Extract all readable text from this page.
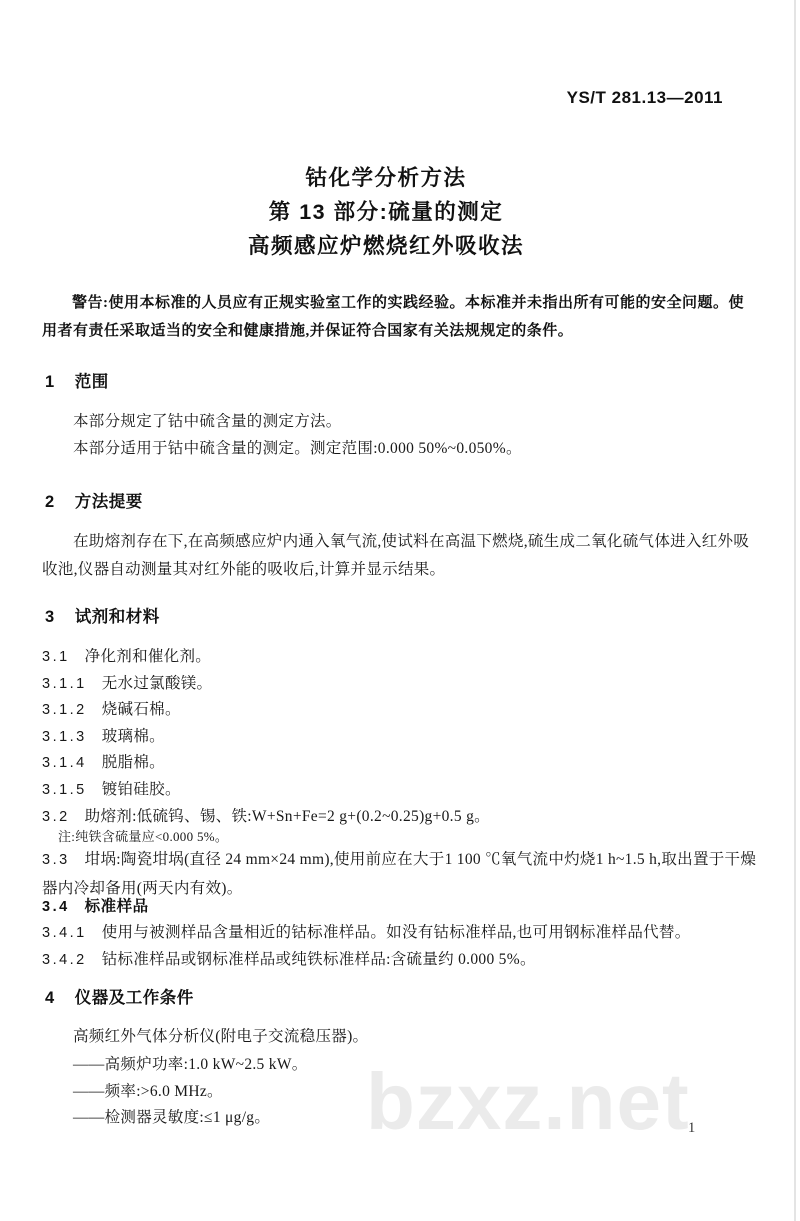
bzxz.net
YS/T 281.13—2011
钴化学分析方法
第 13 部分:硫量的测定
高频感应炉燃烧红外吸收法
警告:使用本标准的人员应有正规实验室工作的实践经验。本标准并未指出所有可能的安全问题。使用者有责任采取适当的安全和健康措施,并保证符合国家有关法规规定的条件。
1 范围
本部分规定了钴中硫含量的测定方法。
本部分适用于钴中硫含量的测定。测定范围:0.000 50%~0.050%。
2 方法提要
在助熔剂存在下,在高频感应炉内通入氧气流,使试料在高温下燃烧,硫生成二氧化硫气体进入红外吸收池,仪器自动测量其对红外能的吸收后,计算并显示结果。
3 试剂和材料
3.1 净化剂和催化剂。
3.1.1 无水过氯酸镁。
3.1.2 烧碱石棉。
3.1.3 玻璃棉。
3.1.4 脱脂棉。
3.1.5 镀铂硅胶。
3.2 助熔剂:低硫钨、锡、铁:W+Sn+Fe=2 g+(0.2~0.25)g+0.5 g。
注:纯铁含硫量应<0.000 5%。
3.3 坩埚:陶瓷坩埚(直径 24 mm×24 mm),使用前应在大于1 100 ℃氧气流中灼烧1 h~1.5 h,取出置于干燥器内冷却备用(两天内有效)。
3.4 标准样品
3.4.1 使用与被测样品含量相近的钴标准样品。如没有钴标准样品,也可用钢标准样品代替。
3.4.2 钴标准样品或钢标准样品或纯铁标准样品:含硫量约 0.000 5%。
4 仪器及工作条件
高频红外气体分析仪(附电子交流稳压器)。
——高频炉功率:1.0 kW~2.5 kW。
——频率:>6.0 MHz。
——检测器灵敏度:≤1 μg/g。
1
